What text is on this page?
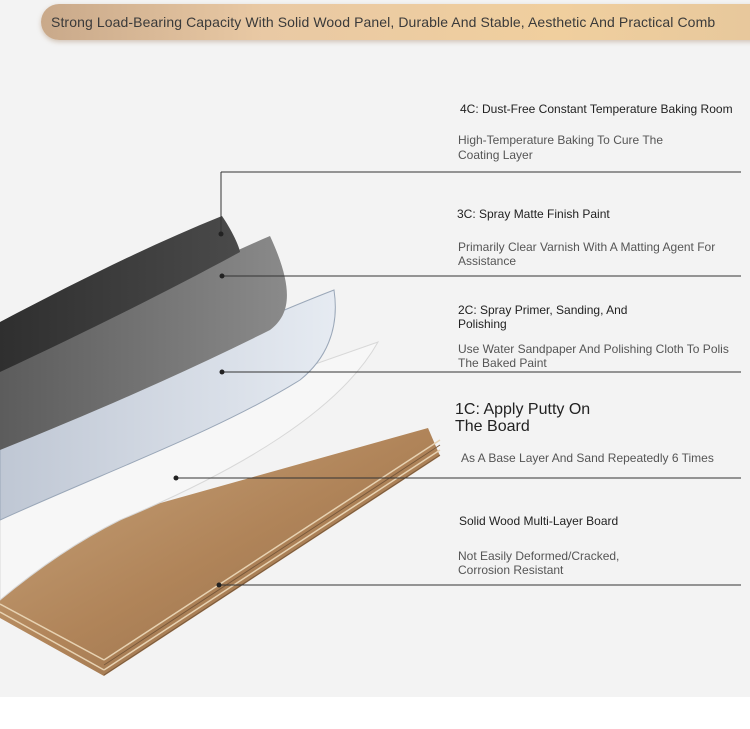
Strong Load-Bearing Capacity With Solid Wood Panel, Durable And Stable, Aesthetic And Practical Comb
4C: Dust-Free Constant Temperature Baking Room
High-Temperature Baking To Cure The
Coating Layer
3C: Spray Matte Finish Paint
Primarily Clear Varnish With A Matting Agent For
Assistance
2C: Spray Primer, Sanding, And
Polishing
Use Water Sandpaper And Polishing Cloth To Polis
The Baked Paint
1C: Apply Putty On
The Board
As A Base Layer And Sand Repeatedly 6 Times
Solid Wood Multi-Layer Board
Not Easily Deformed/Cracked,
Corrosion Resistant
